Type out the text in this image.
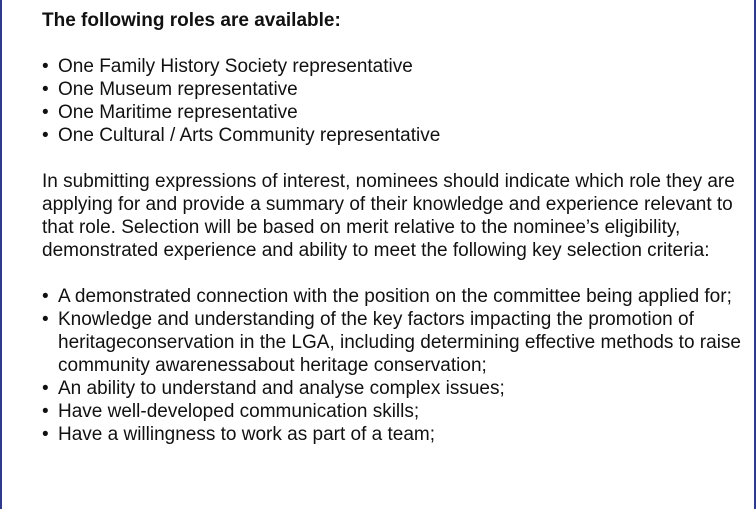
The following roles are available:

• One Family History Society representative
• One Museum representative
• One Maritime representative
• One Cultural / Arts Community representative

In submitting expressions of interest, nominees should indicate which role they are applying for and provide a summary of their knowledge and experience relevant to that role. Selection will be based on merit relative to the nominee’s eligibility, demonstrated experience and ability to meet the following key selection criteria:

• A demonstrated connection with the position on the committee being applied for;
• Knowledge and understanding of the key factors impacting the promotion of heritageconservation in the LGA, including determining effective methods to raise community awarenessabout heritage conservation;
• An ability to understand and analyse complex issues;
• Have well-developed communication skills;
• Have a willingness to work as part of a team;
